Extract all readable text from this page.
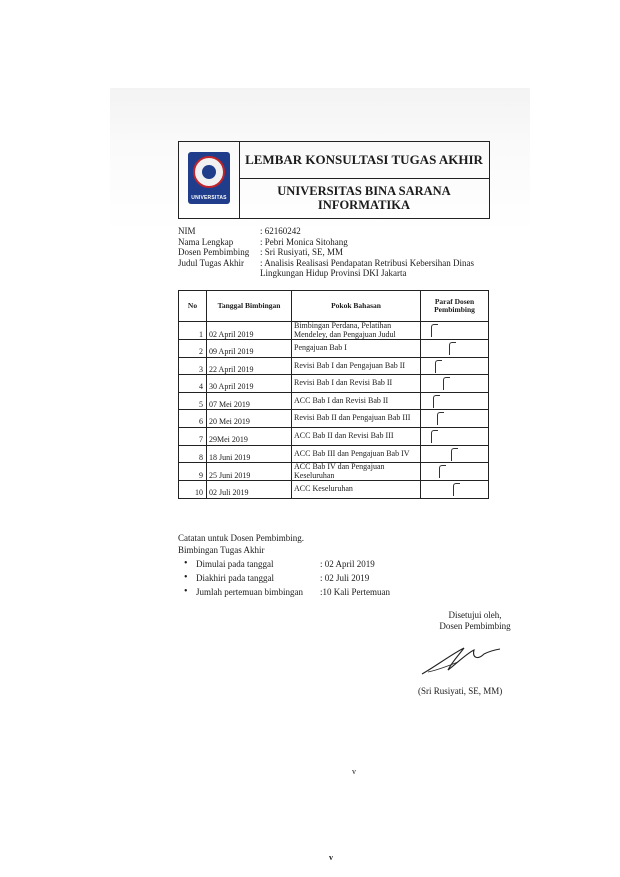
UNIVERSITAS
LEMBAR KONSULTASI TUGAS AKHIR
UNIVERSITAS BINA SARANA INFORMATIKA
NIM	: 62160242
Nama Lengkap	: Pebri Monica Sitohang
Dosen Pembimbing	: Sri Rusiyati, SE, MM
Judul Tugas Akhir	: Analisis Realisasi Pendapatan Retribusi Kebersihan Dinas Lingkungan Hidup Provinsi DKI Jakarta
No	Tanggal Bimbingan	Pokok Bahasan	Paraf Dosen Pembimbing
1	02 April 2019	Bimbingan Perdana, Pelatihan Mendeley, dan Pengajuan Judul	

2	09 April 2019	Pengajuan Bab I	

3	22 April 2019	Revisi Bab I dan Pengajuan Bab II	

4	30 April 2019	Revisi Bab I dan Revisi Bab II	

5	07 Mei 2019	ACC Bab I dan Revisi Bab II	

6	20 Mei 2019	Revisi Bab II dan Pengajuan Bab III	

7	29Mei 2019	ACC Bab II dan Revisi Bab III	

8	18 Juni 2019	ACC Bab III dan Pengajuan Bab IV	

9	25 Juni 2019	ACC Bab IV dan Pengajuan Keseluruhan	

10	02 Juli 2019	ACC Keseluruhan	
Catatan untuk Dosen Pembimbing.
Bimbingan Tugas Akhir
• Dimulai pada tanggal	: 02 April 2019
• Diakhiri pada tanggal	: 02 Juli 2019
• Jumlah pertemuan bimbingan	:10 Kali Pertemuan
Disetujui oleh,
Dosen Pembimbing
(Sri Rusiyati, SE, MM)
v
v
